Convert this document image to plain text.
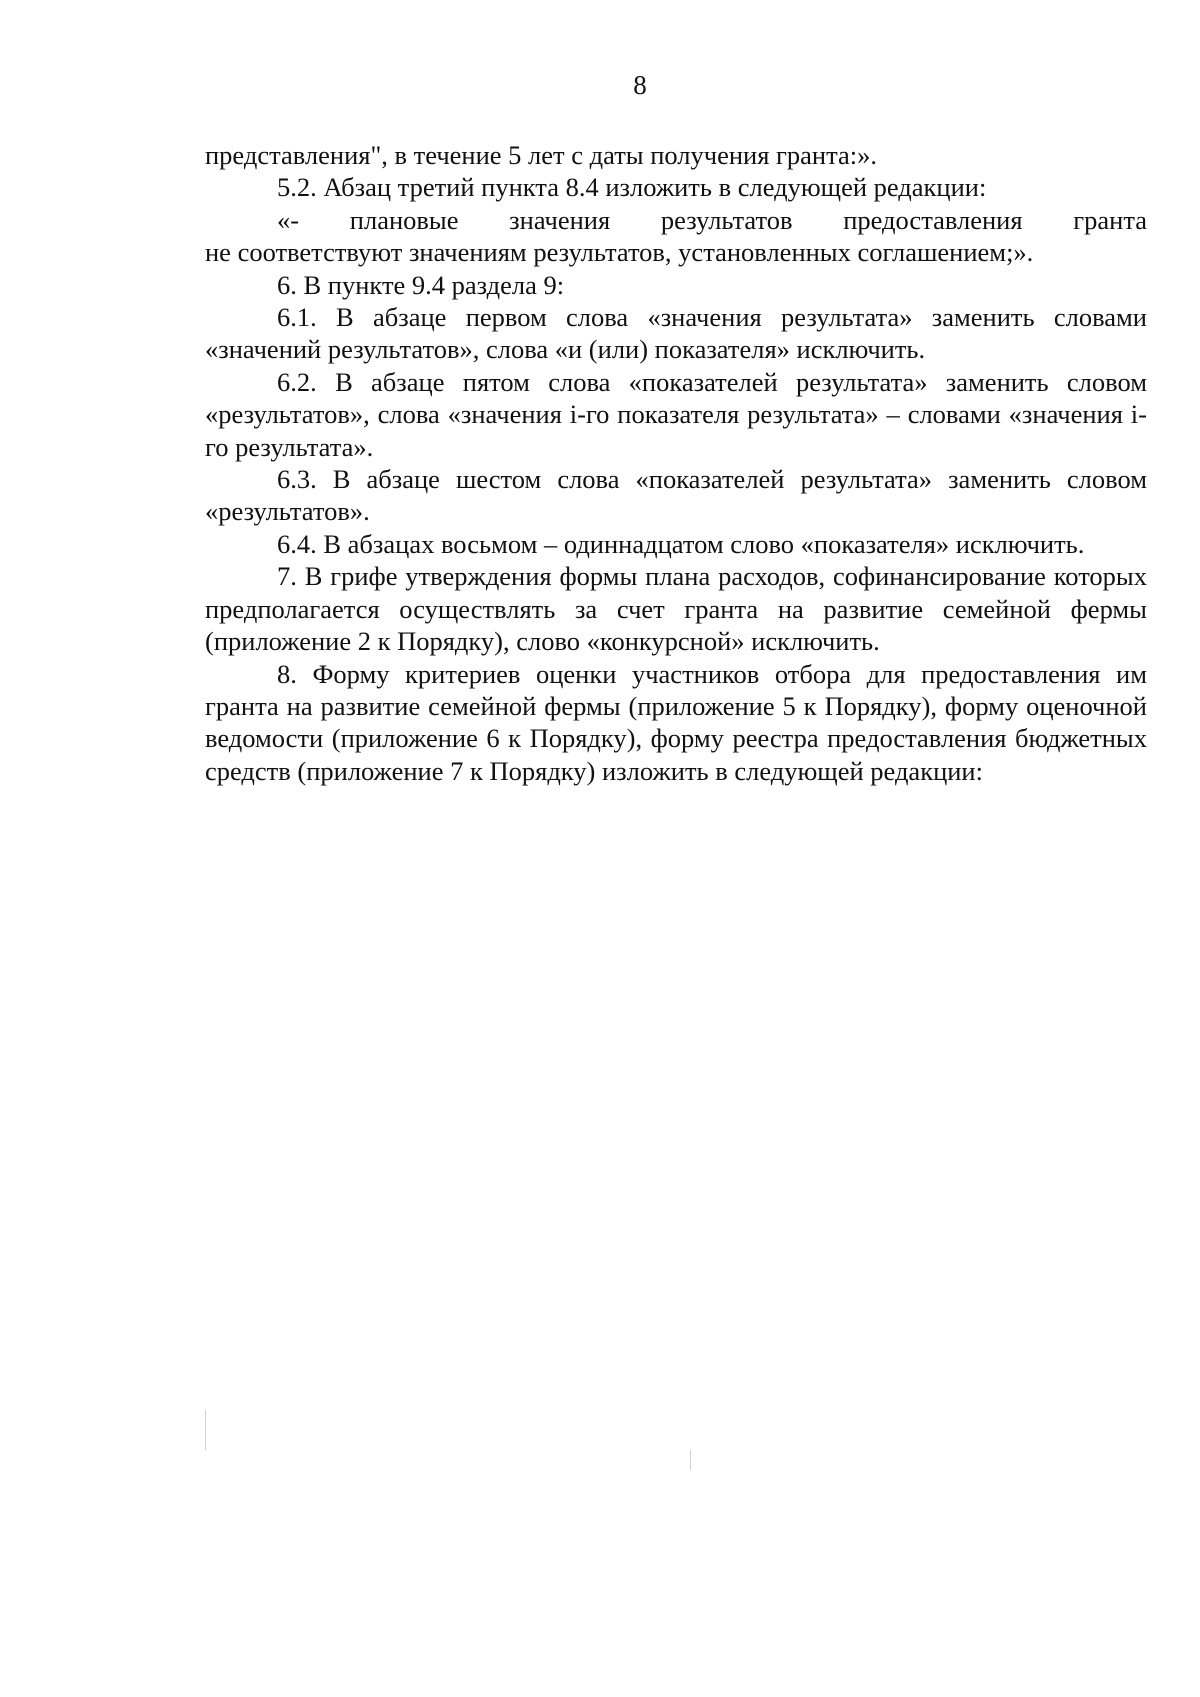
8

представления", в течение 5 лет с даты получения гранта:».

5.2. Абзац третий пункта 8.4 изложить в следующей редакции:

«- плановые значения результатов предоставления гранта

не соответствуют значениям результатов, установленных соглашением;».

6. В пункте 9.4 раздела 9:

6.1. В абзаце первом слова «значения результата» заменить словами «значений результатов», слова «и (или) показателя» исключить.

6.2. В абзаце пятом слова «показателей результата» заменить словом «результатов», слова «значения i-го показателя результата» – словами «значения i-го результата».

6.3. В абзаце шестом слова «показателей результата» заменить словом «результатов».

6.4. В абзацах восьмом – одиннадцатом слово «показателя» исключить.

7. В грифе утверждения формы плана расходов, софинансирование которых предполагается осуществлять за счет гранта на развитие семейной фермы (приложение 2 к Порядку), слово «конкурсной» исключить.

8. Форму критериев оценки участников отбора для предоставления им гранта на развитие семейной фермы (приложение 5 к Порядку), форму оценочной ведомости (приложение 6 к Порядку), форму реестра предоставления бюджетных средств (приложение 7 к Порядку) изложить в следующей редакции:
